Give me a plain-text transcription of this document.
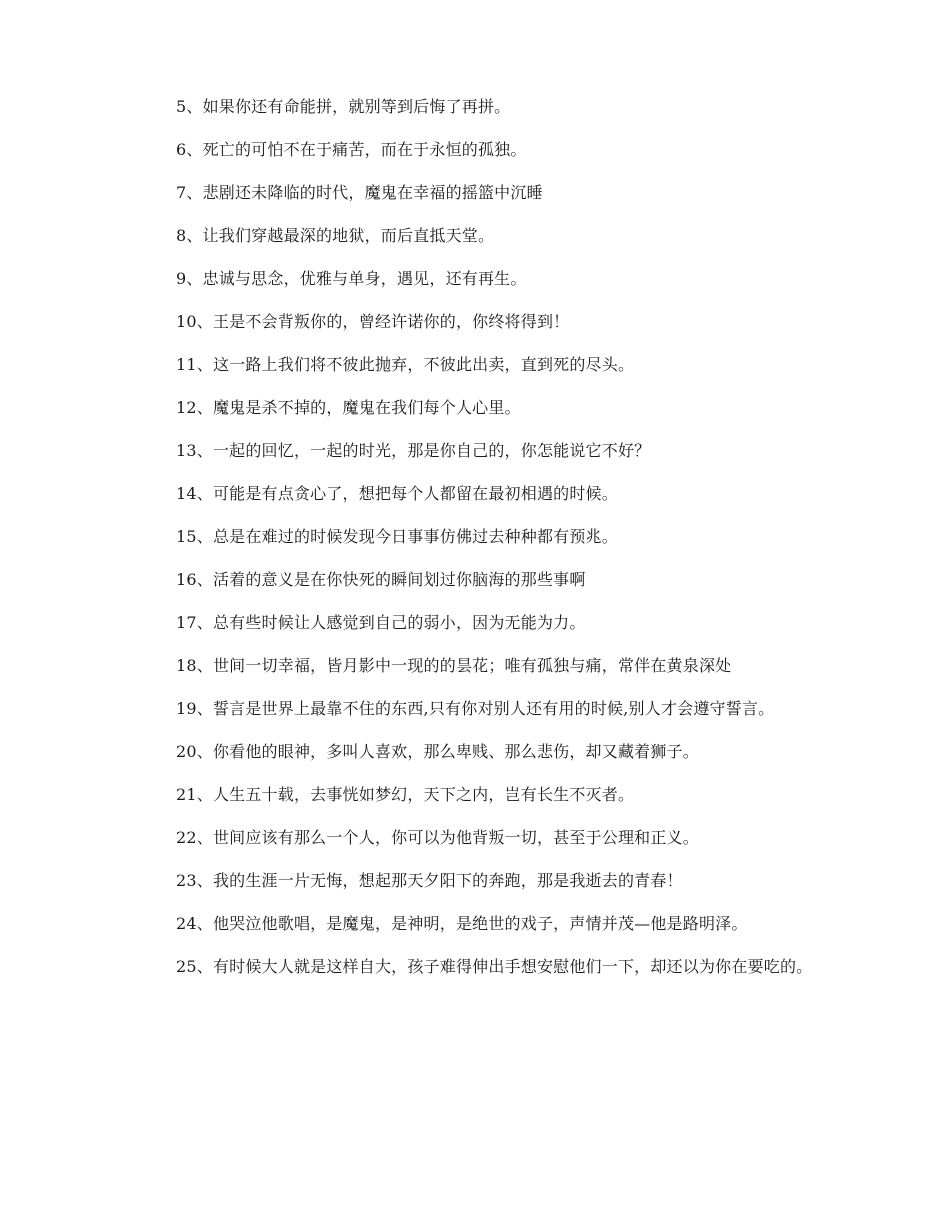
5、如果你还有命能拼，就别等到后悔了再拼。

6、死亡的可怕不在于痛苦，而在于永恒的孤独。

7、悲剧还未降临的时代，魔鬼在幸福的摇篮中沉睡

8、让我们穿越最深的地狱，而后直抵天堂。

9、忠诚与思念，优雅与单身，遇见，还有再生。

10、王是不会背叛你的，曾经许诺你的，你终将得到！

11、这一路上我们将不彼此抛弃，不彼此出卖，直到死的尽头。

12、魔鬼是杀不掉的，魔鬼在我们每个人心里。

13、一起的回忆，一起的时光，那是你自己的，你怎能说它不好？

14、可能是有点贪心了，想把每个人都留在最初相遇的时候。

15、总是在难过的时候发现今日事事仿佛过去种种都有预兆。

16、活着的意义是在你快死的瞬间划过你脑海的那些事啊

17、总有些时候让人感觉到自己的弱小，因为无能为力。

18、世间一切幸福，皆月影中一现的的昙花；唯有孤独与痛，常伴在黄泉深处

19、誓言是世界上最靠不住的东西,只有你对别人还有用的时候,别人才会遵守誓言。

20、你看他的眼神，多叫人喜欢，那么卑贱、那么悲伤，却又藏着狮子。

21、人生五十载，去事恍如梦幻，天下之内，岂有长生不灭者。

22、世间应该有那么一个人，你可以为他背叛一切，甚至于公理和正义。

23、我的生涯一片无悔，想起那天夕阳下的奔跑，那是我逝去的青春！

24、他哭泣他歌唱，是魔鬼，是神明，是绝世的戏子，声情并茂—他是路明泽。

25、有时候大人就是这样自大，孩子难得伸出手想安慰他们一下，却还以为你在要吃的。
